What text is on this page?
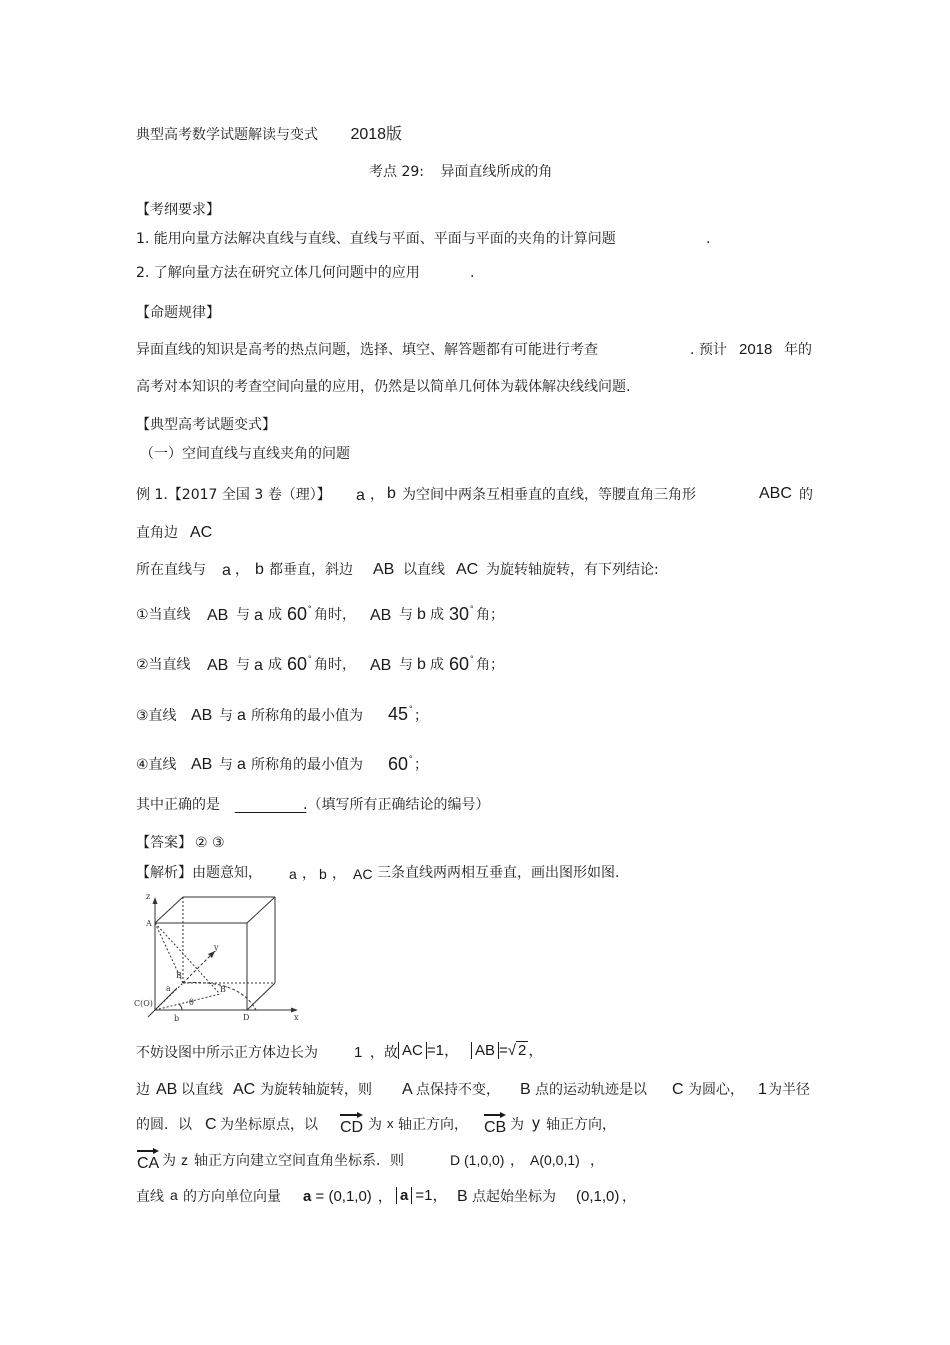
典型高考数学试题解读与变式 2018版
考点 29: 异面直线所成的角
【考纲要求】
1. 能用向量方法解决直线与直线、直线与平面、平面与平面的夹角的计算问题	.
2. 了解向量方法在研究立体几何问题中的应用	.
【命题规律】
异面直线的知识是高考的热点问题，选择、填空、解答题都有可能进行考查	. 预计 2018 年的
高考对本知识的考查空间向量的应用，仍然是以简单几何体为载体解决线线问题.
【典型高考试题变式】
（一）空间直线与直线夹角的问题
例 1.【2017 全国 3 卷（理）】 a ， b 为空间中两条互相垂直的直线，等腰直角三角形	ABC 的
直角边 AC
所在直线与 a ， b 都垂直，斜边 AB 以直线 AC 为旋转轴旋转，有下列结论:
①当直线 AB 与 a 成 60° 角时， AB 与 b 成 30° 角；
②当直线 AB 与 a 成 60° 角时， AB 与 b 成 60° 角；
③直线 AB 与 a 所称角的最小值为 45° ；
④直线 AB 与 a 所称角的最小值为 60° ；
其中正确的是 ________
.（填写所有正确结论的编号）
【答案】 ② ③
【解析】由题意知， a ， b ， AC 三条直线两两相互垂直，画出图形如图.
z
A
y
B
B′
a
θ
b
C(O)
D	x
不妨设图中所示正方体边长为 1 ，故 AC =1， AB =√ 2 ，
边 AB 以直线 AC 为旋转轴旋转，则 A 点保持不变， B 点的运动轨迹是以 C 为圆心， 1 为半径
的圆．以 C 为坐标原点，以 CD 为 x 轴正方向， CB 为 y 轴正方向，
CA 为 z 轴正方向建立空间直角坐标系．则	D (1,0,0) ， A(0,0,1) ，
直线 a 的方向单位向量 a = (0,1,0) ， a =1， B 点起始坐标为 (0,1,0) ，
